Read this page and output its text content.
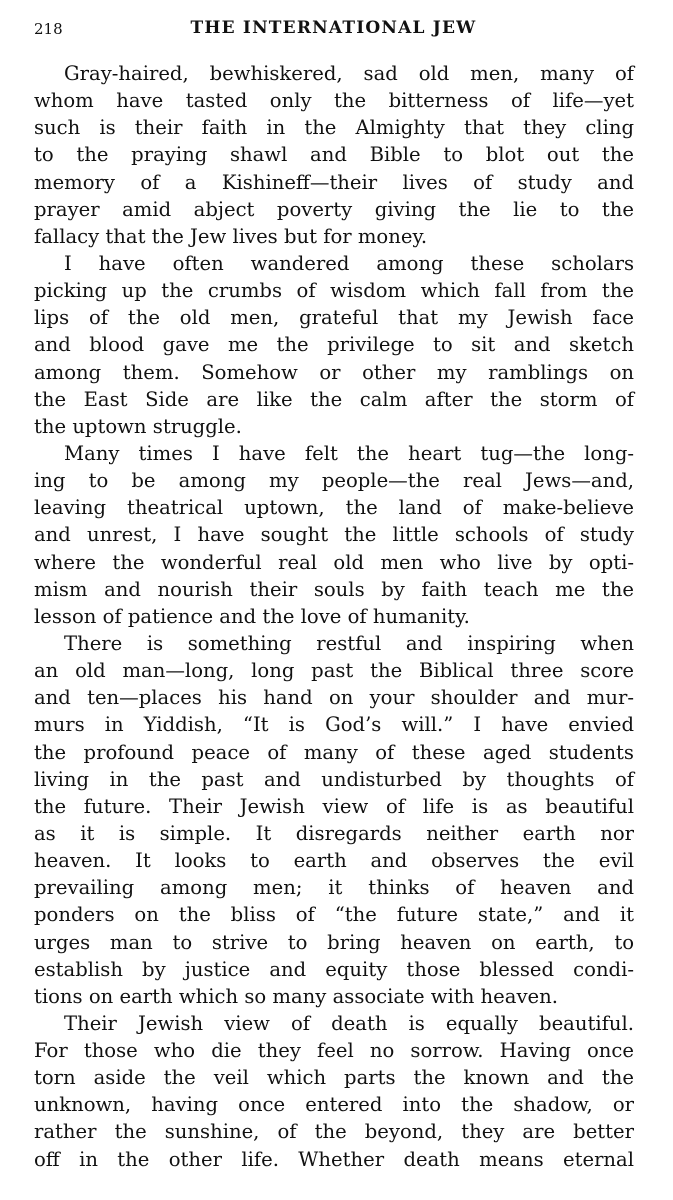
218	THE INTERNATIONAL JEW
Gray-haired, bewhiskered, sad old men, many of
whom have tasted only the bitterness of life—yet
such is their faith in the Almighty that they cling
to the praying shawl and Bible to blot out the
memory of a Kishineff—their lives of study and
prayer amid abject poverty giving the lie to the
fallacy that the Jew lives but for money.
I have often wandered among these scholars
picking up the crumbs of wisdom which fall from the
lips of the old men, grateful that my Jewish face
and blood gave me the privilege to sit and sketch
among them. Somehow or other my ramblings on
the East Side are like the calm after the storm of
the uptown struggle.
Many times I have felt the heart tug—the long-
ing to be among my people—the real Jews—and,
leaving theatrical uptown, the land of make-believe
and unrest, I have sought the little schools of study
where the wonderful real old men who live by opti-
mism and nourish their souls by faith teach me the
lesson of patience and the love of humanity.
There is something restful and inspiring when
an old man—long, long past the Biblical three score
and ten—places his hand on your shoulder and mur-
murs in Yiddish, “It is God’s will.” I have envied
the profound peace of many of these aged students
living in the past and undisturbed by thoughts of
the future. Their Jewish view of life is as beautiful
as it is simple. It disregards neither earth nor
heaven. It looks to earth and observes the evil
prevailing among men; it thinks of heaven and
ponders on the bliss of “the future state,” and it
urges man to strive to bring heaven on earth, to
establish by justice and equity those blessed condi-
tions on earth which so many associate with heaven.
Their Jewish view of death is equally beautiful.
For those who die they feel no sorrow. Having once
torn aside the veil which parts the known and the
unknown, having once entered into the shadow, or
rather the sunshine, of the beyond, they are better
off in the other life. Whether death means eternal
